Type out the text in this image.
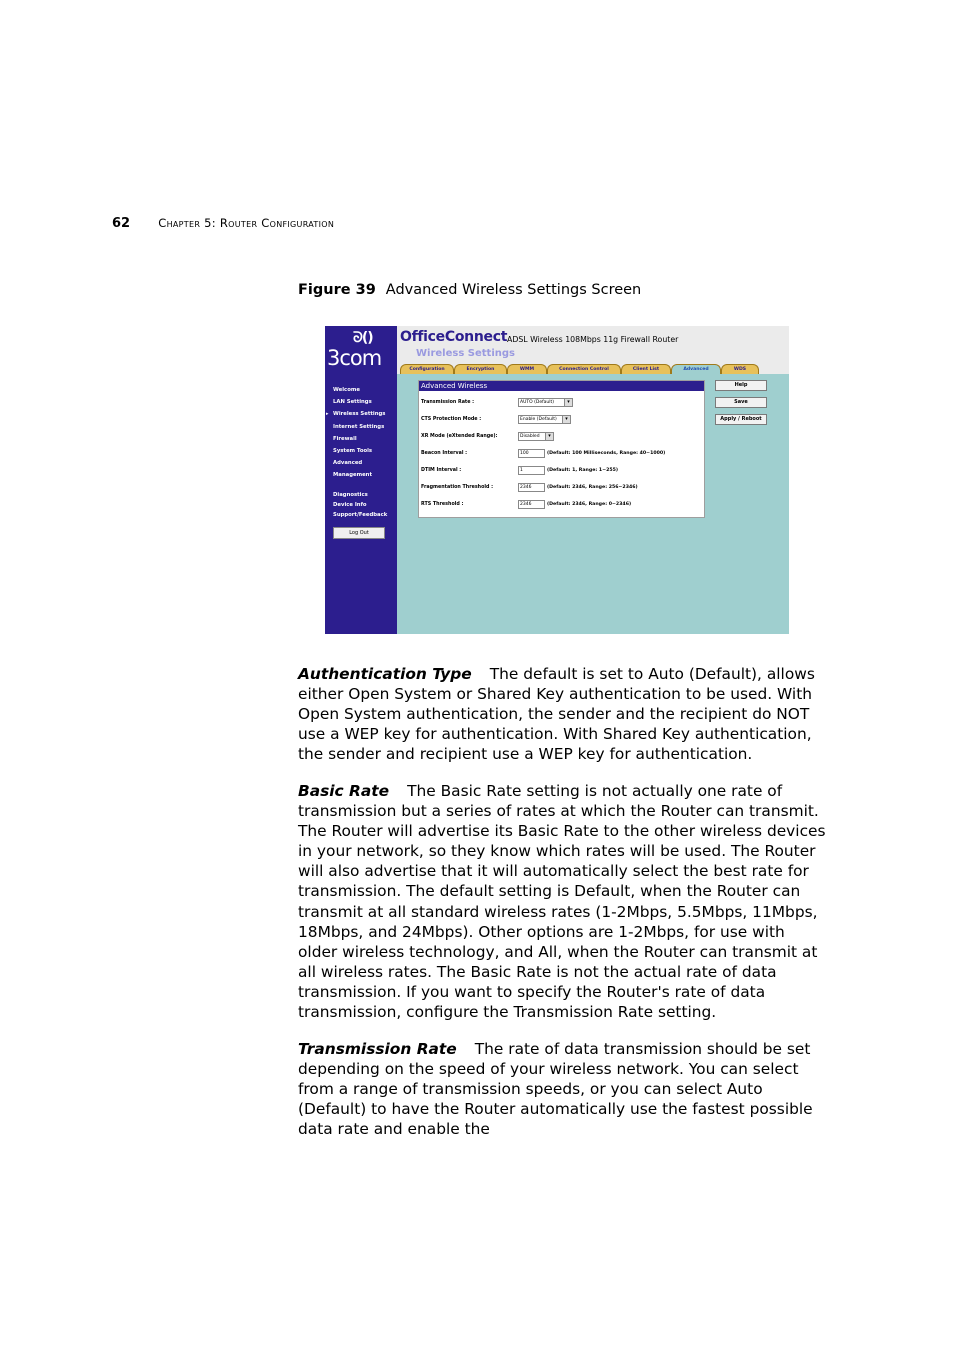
62 Chapter 5: Router Configuration
Figure 39 Advanced Wireless Settings Screen
ᘐ()
3com
Welcome
LAN Settings
▸ Wireless Settings
Internet Settings
Firewall
System Tools
Advanced
Management
Diagnostics
Device Info
Support/Feedback
Log Out
OfficeConnect ADSL Wireless 108Mbps 11g Firewall Router
Wireless Settings
Configuration	Encryption	WMM	Connection Control	Client List	Advanced	WDS
Advanced Wireless
Transmission Rate :	AUTO (Default) ▾
CTS Protection Mode :	Enable (Default) ▾
XR Mode (eXtended Range):	Disabled ▾
Beacon Interval :	100	(Default: 100 Milliseconds, Range: 40~1000)
DTIM Interval :	1	(Default: 1, Range: 1~255)
Fragmentation Threshold :	2346	(Default: 2346, Range: 256~2346)
RTS Threshold :	2346	(Default: 2346, Range: 0~2346)
Help
Save
Apply / Reboot
Authentication Type The default is set to Auto (Default), allows either Open System or Shared Key authentication to be used. With Open System authentication, the sender and the recipient do NOT use a WEP key for authentication. With Shared Key authentication, the sender and recipient use a WEP key for authentication.
Basic Rate The Basic Rate setting is not actually one rate of transmission but a series of rates at which the Router can transmit. The Router will advertise its Basic Rate to the other wireless devices in your network, so they know which rates will be used. The Router will also advertise that it will automatically select the best rate for transmission. The default setting is Default, when the Router can transmit at all standard wireless rates (1-2Mbps, 5.5Mbps, 11Mbps, 18Mbps, and 24Mbps). Other options are 1-2Mbps, for use with older wireless technology, and All, when the Router can transmit at all wireless rates. The Basic Rate is not the actual rate of data transmission. If you want to specify the Router's rate of data transmission, configure the Transmission Rate setting.
Transmission Rate The rate of data transmission should be set depending on the speed of your wireless network. You can select from a range of transmission speeds, or you can select Auto (Default) to have the Router automatically use the fastest possible data rate and enable the
